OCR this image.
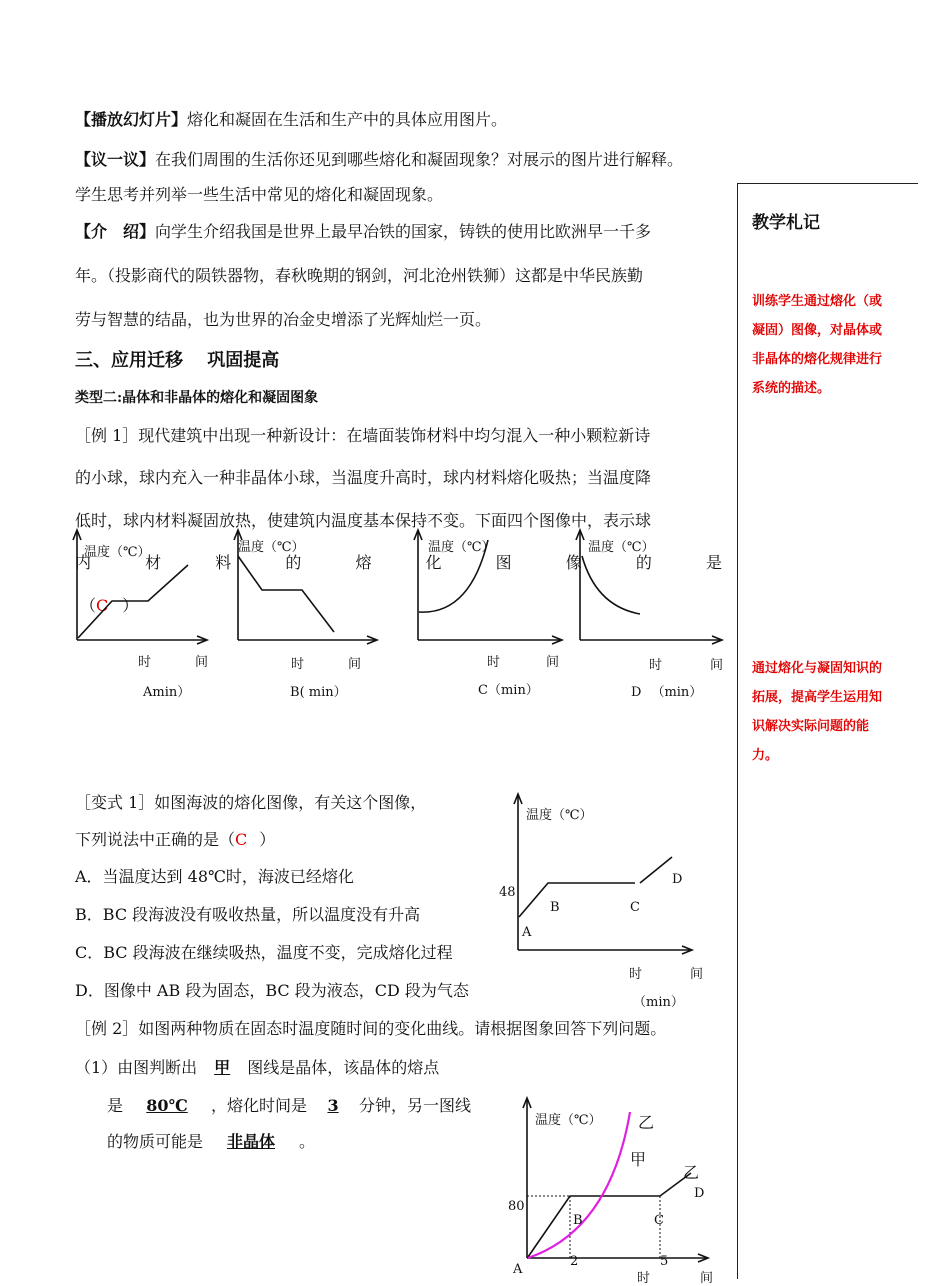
【播放幻灯片】熔化和凝固在生活和生产中的具体应用图片。
【议一议】在我们周围的生活你还见到哪些熔化和凝固现象？对展示的图片进行解释。
学生思考并列举一些生活中常见的熔化和凝固现象。
【介　绍】向学生介绍我国是世界上最早冶铁的国家，铸铁的使用比欧洲早一千多
年。（投影商代的陨铁器物，春秋晚期的钢剑，河北沧州铁狮）这都是中华民族勤
劳与智慧的结晶，也为世界的冶金史增添了光辉灿烂一页。
三、应用迁移　 巩固提高
类型二:晶体和非晶体的熔化和凝固图象
［例 1］现代建筑中出现一种新设计：在墙面装饰材料中均匀混入一种小颗粒新诗
的小球，球内充入一种非晶体小球，当温度升高时，球内材料熔化吸热；当温度降
低时，球内材料凝固放热，使建筑内温度基本保持不变。下面四个图像中，表示球
内	材	料	的	熔	化	图	像	的	是
（C ）
温度（℃）	温度（℃）	温度（℃）	温度（℃）
时	间	时	间	时	间	时	间
Amin）	B( min）	C（min）	D （min）
［变式 1］如图海波的熔化图像，有关这个图像，
下列说法中正确的是（C ）
A．当温度达到 48℃时，海波已经熔化
B．BC 段海波没有吸收热量，所以温度没有升高
C．BC 段海波在继续吸热，温度不变，完成熔化过程
D．图像中 AB 段为固态，BC 段为液态，CD 段为气态
温度（℃）
48
A
B	C
D
时	间
（min）
［例 2］如图两种物质在固态时温度随时间的变化曲线。请根据图象回答下列问题。
（1）由图判断出 甲 图线是晶体，该晶体的熔点
是 80℃ ，熔化时间是 3 分钟，另一图线
的物质可能是 非晶体 。
温度（℃） 乙
甲
乙
D
80
B	C
A
2	5
时	间
教学札记
训练学生通过熔化（或凝固）图像，对晶体或非晶体的熔化规律进行系统的描述。
通过熔化与凝固知识的拓展，提高学生运用知识解决实际问题的能力。
